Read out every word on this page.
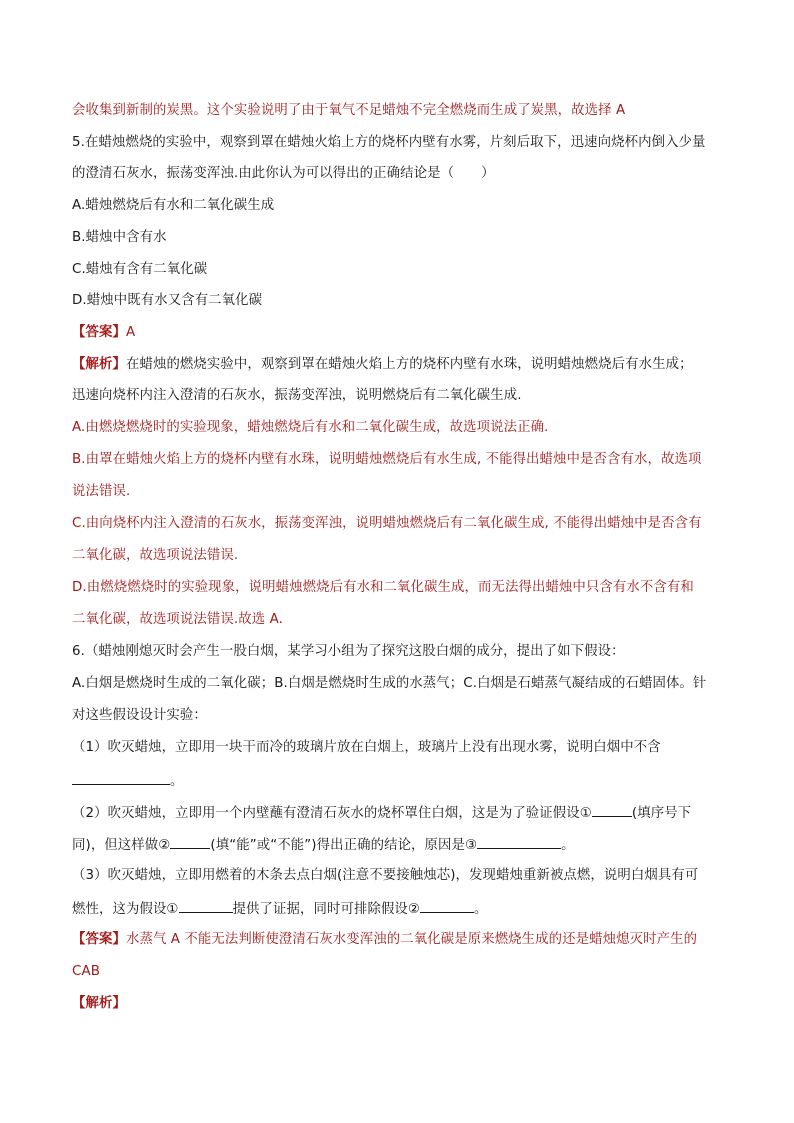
会收集到新制的炭黑。这个实验说明了由于氧气不足蜡烛不完全燃烧而生成了炭黑，故选择 A
5.在蜡烛燃烧的实验中，观察到罩在蜡烛火焰上方的烧杯内壁有水雾，片刻后取下，迅速向烧杯内倒入少量
的澄清石灰水，振荡变浑浊.由此你认为可以得出的正确结论是（　　）
A.蜡烛燃烧后有水和二氧化碳生成
B.蜡烛中含有水
C.蜡烛有含有二氧化碳
D.蜡烛中既有水又含有二氧化碳
【答案】A
【解析】在蜡烛的燃烧实验中，观察到罩在蜡烛火焰上方的烧杯内壁有水珠，说明蜡烛燃烧后有水生成；
迅速向烧杯内注入澄清的石灰水，振荡变浑浊，说明燃烧后有二氧化碳生成.
A.由燃烧燃烧时的实验现象，蜡烛燃烧后有水和二氧化碳生成，故选项说法正确.
B.由罩在蜡烛火焰上方的烧杯内壁有水珠，说明蜡烛燃烧后有水生成, 不能得出蜡烛中是否含有水，故选项
说法错误.
C.由向烧杯内注入澄清的石灰水，振荡变浑浊，说明蜡烛燃烧后有二氧化碳生成, 不能得出蜡烛中是否含有
二氧化碳，故选项说法错误.
D.由燃烧燃烧时的实验现象，说明蜡烛燃烧后有水和二氧化碳生成，而无法得出蜡烛中只含有水不含有和
二氧化碳，故选项说法错误.故选 A.
6.（蜡烛刚熄灭时会产生一股白烟，某学习小组为了探究这股白烟的成分，提出了如下假设：
A.白烟是燃烧时生成的二氧化碳；B.白烟是燃烧时生成的水蒸气；C.白烟是石蜡蒸气凝结成的石蜡固体。针
对这些假设设计实验：
（1）吹灭蜡烛，立即用一块干而冷的玻璃片放在白烟上，玻璃片上没有出现水雾，说明白烟中不含
。
（2）吹灭蜡烛，立即用一个内壁蘸有澄清石灰水的烧杯罩住白烟，这是为了验证假设①	(填序号下
同)，但这样做②	(填“能”或“不能”)得出正确的结论，原因是③	。
（3）吹灭蜡烛，立即用燃着的木条去点白烟(注意不要接触烛芯)，发现蜡烛重新被点燃，说明白烟具有可
燃性，这为假设①	提供了证据，同时可排除假设②	。
【答案】水蒸气 A 不能无法判断使澄清石灰水变浑浊的二氧化碳是原来燃烧生成的还是蜡烛熄灭时产生的
CAB
【解析】
